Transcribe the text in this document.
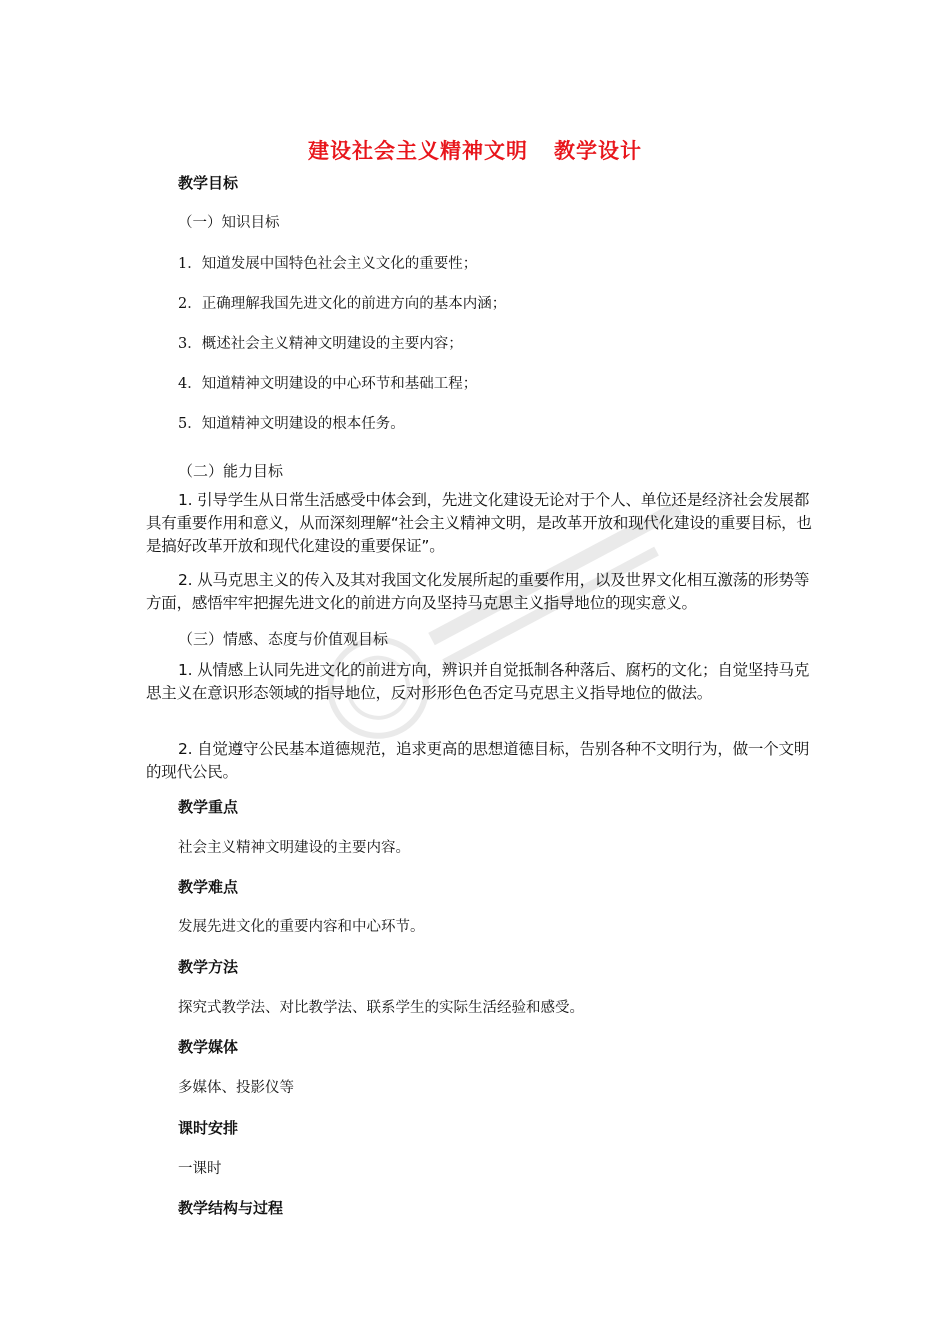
建设社会主义精神文明 教学设计
教学目标
（一）知识目标
1．知道发展中国特色社会主义文化的重要性；
2．正确理解我国先进文化的前进方向的基本内涵；
3．概述社会主义精神文明建设的主要内容；
4．知道精神文明建设的中心环节和基础工程；
5．知道精神文明建设的根本任务。
（二）能力目标
1. 引导学生从日常生活感受中体会到，先进文化建设无论对于个人、单位还是经济社会发展都具有重要作用和意义，从而深刻理解“社会主义精神文明，是改革开放和现代化建设的重要目标，也是搞好改革开放和现代化建设的重要保证”。
2. 从马克思主义的传入及其对我国文化发展所起的重要作用，以及世界文化相互激荡的形势等方面，感悟牢牢把握先进文化的前进方向及坚持马克思主义指导地位的现实意义。
（三）情感、态度与价值观目标
1. 从情感上认同先进文化的前进方向，辨识并自觉抵制各种落后、腐朽的文化；自觉坚持马克思主义在意识形态领域的指导地位，反对形形色色否定马克思主义指导地位的做法。
2. 自觉遵守公民基本道德规范，追求更高的思想道德目标，告别各种不文明行为，做一个文明的现代公民。
教学重点
社会主义精神文明建设的主要内容。
教学难点
发展先进文化的重要内容和中心环节。
教学方法
探究式教学法、对比教学法、联系学生的实际生活经验和感受。
教学媒体
多媒体、投影仪等
课时安排
一课时
教学结构与过程
